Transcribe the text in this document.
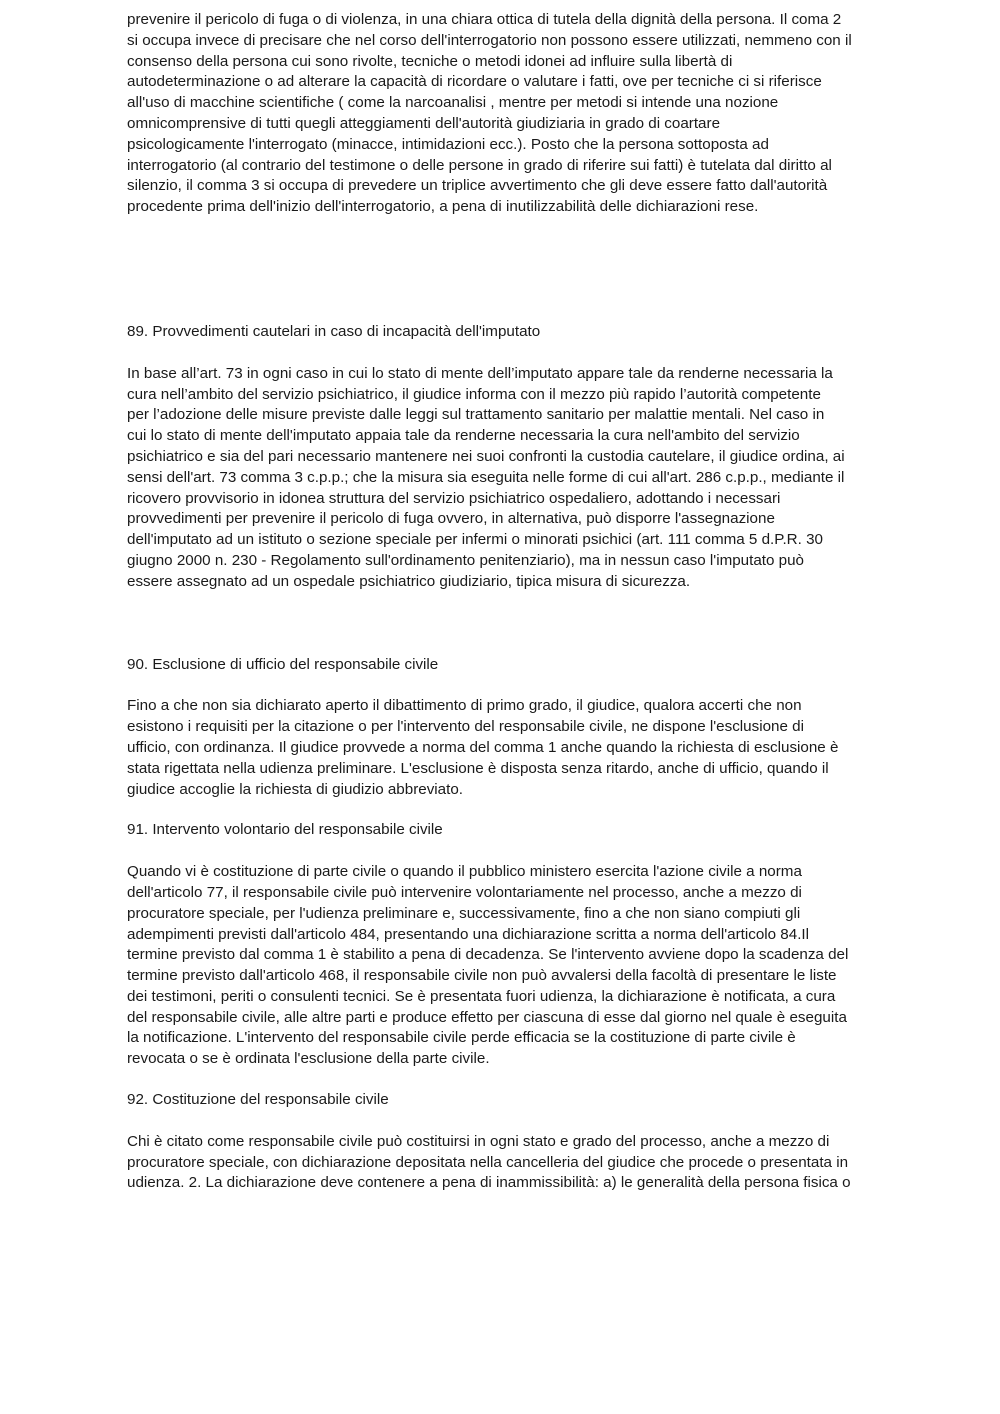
prevenire il pericolo di fuga o di violenza, in una chiara ottica di tutela della dignità della persona. Il coma 2
si occupa invece di precisare che nel corso dell'interrogatorio non possono essere utilizzati, nemmeno con il
consenso della persona cui sono rivolte, tecniche o metodi idonei ad influire sulla libertà di
autodeterminazione o ad alterare la capacità di ricordare o valutare i fatti, ove per tecniche ci si riferisce
all'uso di macchine scientifiche ( come la narcoanalisi , mentre per metodi si intende una nozione
omnicomprensive di tutti quegli atteggiamenti dell'autorità giudiziaria in grado di coartare
psicologicamente l'interrogato (minacce, intimidazioni ecc.). Posto che la persona sottoposta ad
interrogatorio (al contrario del testimone o delle persone in grado di riferire sui fatti) è tutelata dal diritto al
silenzio, il comma 3 si occupa di prevedere un triplice avvertimento che gli deve essere fatto dall'autorità
procedente prima dell'inizio dell'interrogatorio, a pena di inutilizzabilità delle dichiarazioni rese.

89. Provvedimenti cautelari in caso di incapacità dell'imputato

In base all’art. 73 in ogni caso in cui lo stato di mente dell’imputato appare tale da renderne necessaria la
cura nell’ambito del servizio psichiatrico, il giudice informa con il mezzo più rapido l’autorità competente
per l’adozione delle misure previste dalle leggi sul trattamento sanitario per malattie mentali. Nel caso in
cui lo stato di mente dell'imputato appaia tale da renderne necessaria la cura nell'ambito del servizio
psichiatrico e sia del pari necessario mantenere nei suoi confronti la custodia cautelare, il giudice ordina, ai
sensi dell'art. 73 comma 3 c.p.p.; che la misura sia eseguita nelle forme di cui all'art. 286 c.p.p., mediante il
ricovero provvisorio in idonea struttura del servizio psichiatrico ospedaliero, adottando i necessari
provvedimenti per prevenire il pericolo di fuga ovvero, in alternativa, può disporre l'assegnazione
dell'imputato ad un istituto o sezione speciale per infermi o minorati psichici (art. 111 comma 5 d.P.R. 30
giugno 2000 n. 230 - Regolamento sull'ordinamento penitenziario), ma in nessun caso l'imputato può
essere assegnato ad un ospedale psichiatrico giudiziario, tipica misura di sicurezza.

90. Esclusione di ufficio del responsabile civile

Fino a che non sia dichiarato aperto il dibattimento di primo grado, il giudice, qualora accerti che non
esistono i requisiti per la citazione o per l'intervento del responsabile civile, ne dispone l'esclusione di
ufficio, con ordinanza. Il giudice provvede a norma del comma 1 anche quando la richiesta di esclusione è
stata rigettata nella udienza preliminare. L'esclusione è disposta senza ritardo, anche di ufficio, quando il
giudice accoglie la richiesta di giudizio abbreviato.

91. Intervento volontario del responsabile civile

Quando vi è costituzione di parte civile o quando il pubblico ministero esercita l'azione civile a norma
dell'articolo 77, il responsabile civile può intervenire volontariamente nel processo, anche a mezzo di
procuratore speciale, per l'udienza preliminare e, successivamente, fino a che non siano compiuti gli
adempimenti previsti dall'articolo 484, presentando una dichiarazione scritta a norma dell'articolo 84.Il
termine previsto dal comma 1 è stabilito a pena di decadenza. Se l'intervento avviene dopo la scadenza del
termine previsto dall'articolo 468, il responsabile civile non può avvalersi della facoltà di presentare le liste
dei testimoni, periti o consulenti tecnici. Se è presentata fuori udienza, la dichiarazione è notificata, a cura
del responsabile civile, alle altre parti e produce effetto per ciascuna di esse dal giorno nel quale è eseguita
la notificazione. L'intervento del responsabile civile perde efficacia se la costituzione di parte civile è
revocata o se è ordinata l'esclusione della parte civile.

92. Costituzione del responsabile civile

Chi è citato come responsabile civile può costituirsi in ogni stato e grado del processo, anche a mezzo di
procuratore speciale, con dichiarazione depositata nella cancelleria del giudice che procede o presentata in
udienza. 2. La dichiarazione deve contenere a pena di inammissibilità: a) le generalità della persona fisica o
